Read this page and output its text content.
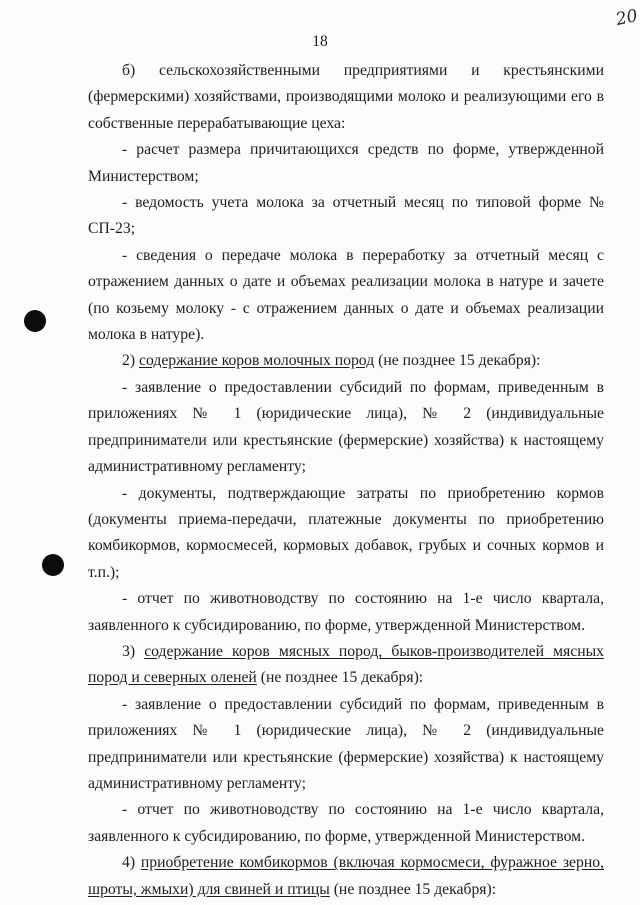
18
20

б) сельскохозяйственными предприятиями и крестьянскими (фермерскими) хозяйствами, производящими молоко и реализующими его в собственные перерабатывающие цеха:

- расчет размера причитающихся средств по форме, утвержденной Министерством;

- ведомость учета молока за отчетный месяц по типовой форме № СП-23;

- сведения о передаче молока в переработку за отчетный месяц с отражением данных о дате и объемах реализации молока в натуре и зачете (по козьему молоку - с отражением данных о дате и объемах реализации молока в натуре).

2) содержание коров молочных пород (не позднее 15 декабря):

- заявление о предоставлении субсидий по формам, приведенным в приложениях № 1 (юридические лица), № 2 (индивидуальные предприниматели или крестьянские (фермерские) хозяйства) к настоящему административному регламенту;

- документы, подтверждающие затраты по приобретению кормов (документы приема-передачи, платежные документы по приобретению комбикормов, кормосмесей, кормовых добавок, грубых и сочных кормов и т.п.);

- отчет по животноводству по состоянию на 1-е число квартала, заявленного к субсидированию, по форме, утвержденной Министерством.

3) содержание коров мясных пород, быков-производителей мясных пород и северных оленей (не позднее 15 декабря):

- заявление о предоставлении субсидий по формам, приведенным в приложениях № 1 (юридические лица), № 2 (индивидуальные предприниматели или крестьянские (фермерские) хозяйства) к настоящему административному регламенту;

- отчет по животноводству по состоянию на 1-е число квартала, заявленного к субсидированию, по форме, утвержденной Министерством.

4) приобретение комбикормов (включая кормосмеси, фуражное зерно, шроты, жмыхи) для свиней и птицы (не позднее 15 декабря):
